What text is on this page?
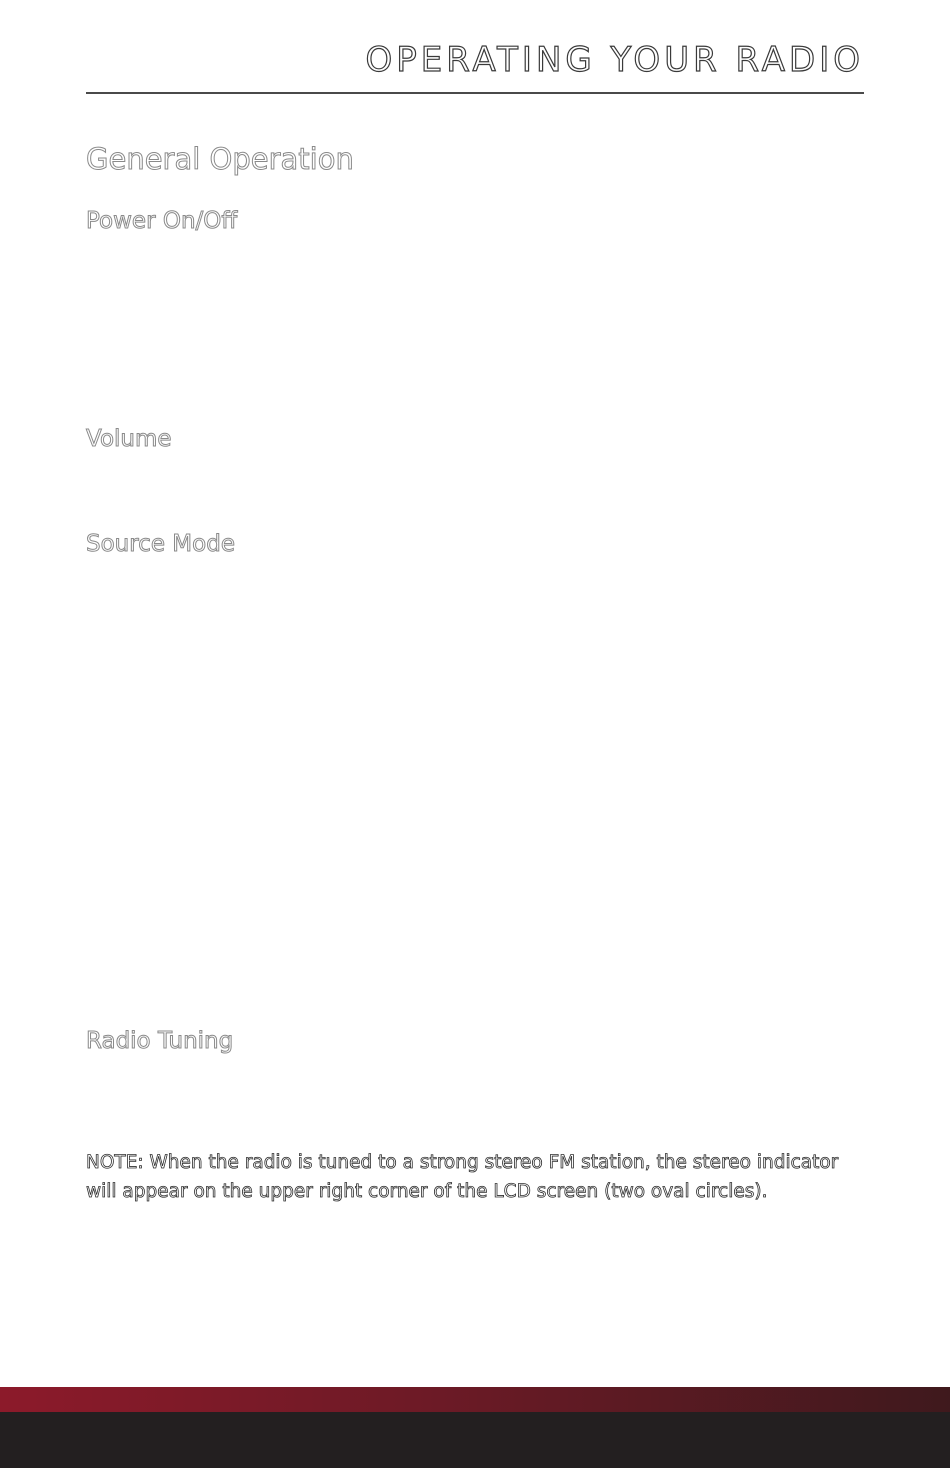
OPERATING YOUR RADIO
General Operation
Power On/Off
Volume
Source Mode
Radio Tuning

NOTE: When the radio is tuned to a strong stereo FM station, the stereo indicator will appear on the upper right corner of the LCD screen (two oval circles).
